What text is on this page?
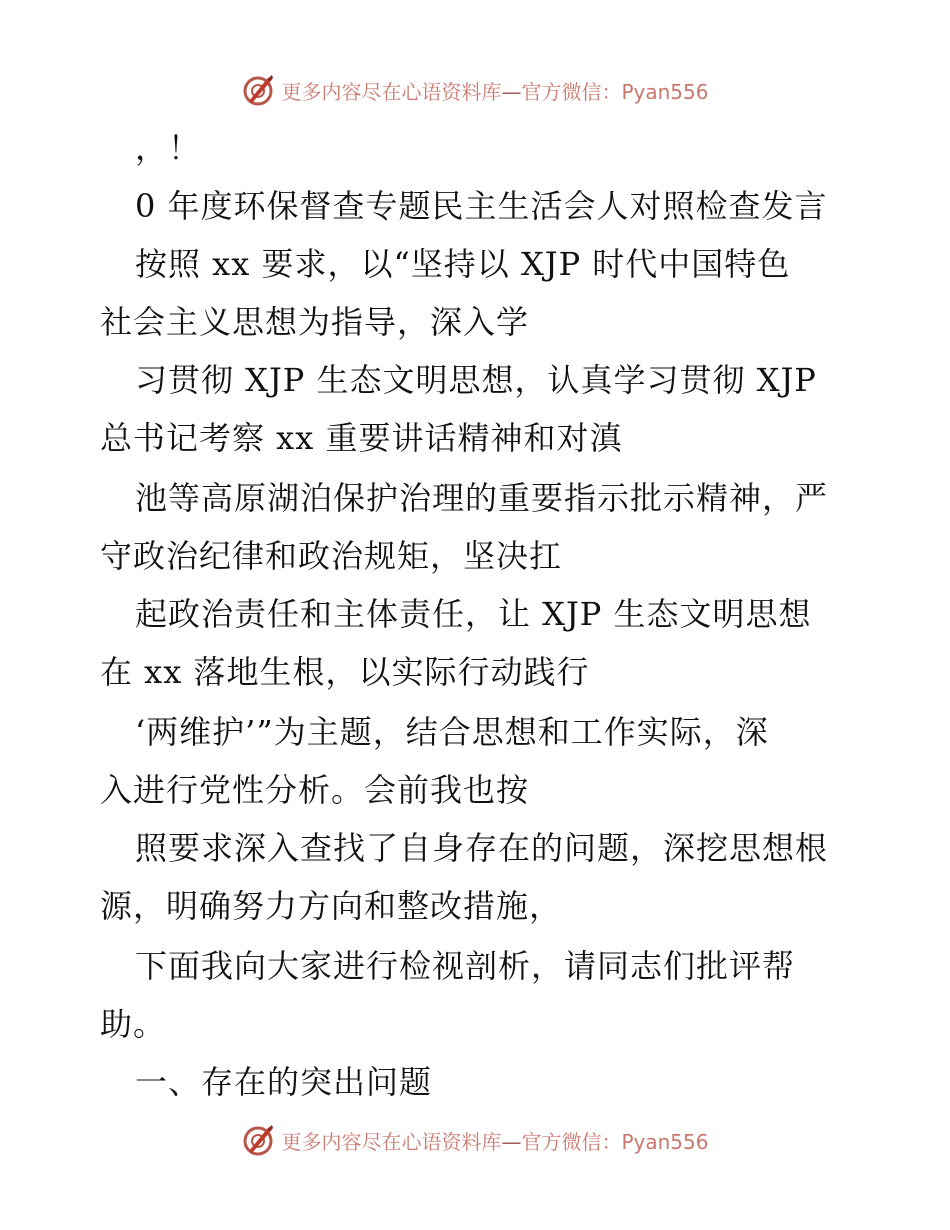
更多内容尽在心语资料库—官方微信：Pyan556
，！
0 年度环保督查专题民主生活会人对照检查发言
按照 xx 要求，以“坚持以 XJP 时代中国特色
社会主义思想为指导，深入学
习贯彻 XJP 生态文明思想，认真学习贯彻 XJP
总书记考察 xx 重要讲话精神和对滇
池等高原湖泊保护治理的重要指示批示精神，严
守政治纪律和政治规矩，坚决扛
起政治责任和主体责任，让 XJP 生态文明思想
在 xx 落地生根，以实际行动践行
‘两维护’”为主题，结合思想和工作实际，深
入进行党性分析。会前我也按
照要求深入查找了自身存在的问题，深挖思想根
源，明确努力方向和整改措施，
下面我向大家进行检视剖析，请同志们批评帮
助。
一、存在的突出问题
更多内容尽在心语资料库—官方微信：Pyan556
